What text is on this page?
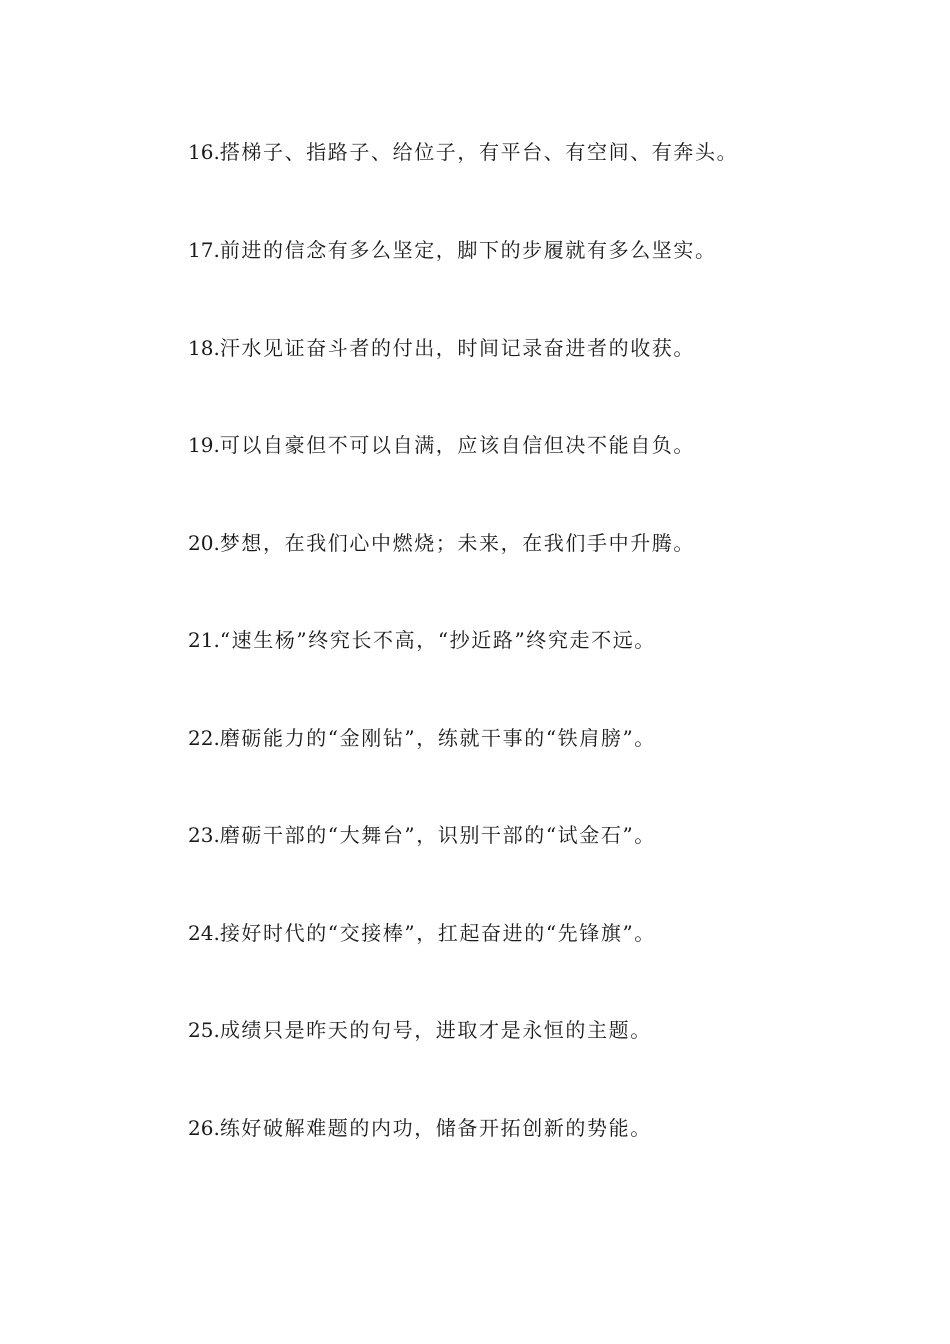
16.搭梯子、指路子、给位子，有平台、有空间、有奔头。
17.前进的信念有多么坚定，脚下的步履就有多么坚实。
18.汗水见证奋斗者的付出，时间记录奋进者的收获。
19.可以自豪但不可以自满，应该自信但决不能自负。
20.梦想，在我们心中燃烧；未来，在我们手中升腾。
21.“速生杨”终究长不高，“抄近路”终究走不远。
22.磨砺能力的“金刚钻”，练就干事的“铁肩膀”。
23.磨砺干部的“大舞台”，识别干部的“试金石”。
24.接好时代的“交接棒”，扛起奋进的“先锋旗”。
25.成绩只是昨天的句号，进取才是永恒的主题。
26.练好破解难题的内功，储备开拓创新的势能。
